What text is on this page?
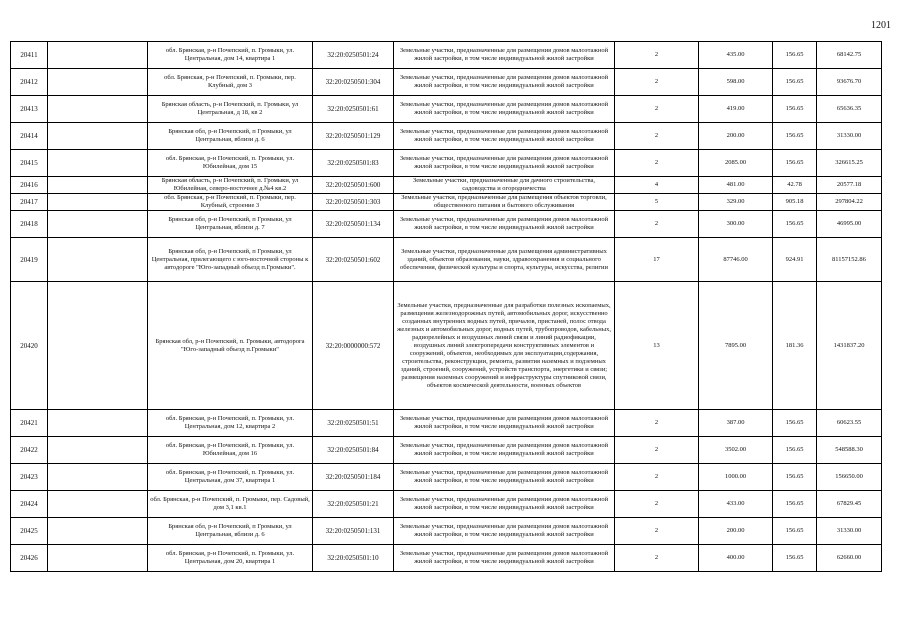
1201
20411		обл. Брянская, р-н Почепский, п. Громыки, ул. Центральная, дом 14, квартира 1	32:20:0250501:24	Земельные участки, предназначенные для размещения домов малоэтажной жилой застройки, в том числе индивидуальной жилой застройки	2	435.00	156.65	68142.75
20412		обл. Брянская, р-н Почепский, п. Громыки, пер. Клубный, дом 3	32:20:0250501:304	Земельные участки, предназначенные для размещения домов малоэтажной жилой застройки, в том числе индивидуальной жилой застройки	2	598.00	156.65	93676.70
20413		Брянская область, р-н Почепский, п. Громыки, ул Центральная, д 18, кв 2	32:20:0250501:61	Земельные участки, предназначенные для размещения домов малоэтажной жилой застройки, в том числе индивидуальной жилой застройки	2	419.00	156.65	65636.35
20414		Брянская обл, р-н Почепский, п Громыки, ул Центральная, вблизи д. 6	32:20:0250501:129	Земельные участки, предназначенные для размещения домов малоэтажной жилой застройки, в том числе индивидуальной жилой застройки	2	200.00	156.65	31330.00
20415		обл. Брянская, р-н Почепский, п. Громыки, ул. Юбилейная, дом 15	32:20:0250501:83	Земельные участки, предназначенные для размещения домов малоэтажной жилой застройки, в том числе индивидуальной жилой застройки	2	2085.00	156.65	326615.25
20416		Брянская область, р-н Почепский, п. Громыки, ул Юбилейная, северо-восточнее д.№4 кв.2	32:20:0250501:600	Земельные участки, предназначенные для дачного строительства, садоводства и огородничества	4	481.00	42.78	20577.18
20417		обл. Брянская, р-н Почепский, п. Громыки, пер. Клубный, строение 3	32:20:0250501:303	Земельные участки, предназначенные для размещения объектов торговли, общественного питания и бытового обслуживания	5	329.00	905.18	297804.22
20418		Брянская обл, р-н Почепский, п Громыки, ул Центральная, вблизи д. 7	32:20:0250501:134	Земельные участки, предназначенные для размещения домов малоэтажной жилой застройки, в том числе индивидуальной жилой застройки	2	300.00	156.65	46995.00
20419		Брянская обл, р-н Почепский, п Громыки, ул Центральная, прилегающего с юго-восточной стороны к автодороге "Юго-западный объезд п.Громыки".	32:20:0250501:602	Земельные участки, предназначенные для размещения административных зданий, объектов образования, науки, здравоохранения и социального обеспечения, физической культуры и спорта, культуры, искусства, религии	17	87746.00	924.91	81157152.86
20420		Брянская обл, р-н Почепский, п. Громыки, автодорога "Юго-западный объезд п.Громыки"	32:20:0000000:572	Земельные участки, предназначенные для разработки полезных ископаемых, размещения железнодорожных путей, автомобильных дорог, искусственно созданных внутренних водных путей, причалов, пристаней, полос отвода железных и автомобильных дорог, водных путей, трубопроводов, кабельных, радиорелейных и воздушных линий связи и линий радиофикации, воздушных линий электропередачи конструктивных элементов и сооружений, объектов, необходимых для эксплуатации,содержания, строительства, реконструкции, ремонта, развития наземных и подземных зданий, строений, сооружений, устройств транспорта, энергетики и связи; размещения наземных сооружений и инфраструктуры спутниковой связи, объектов космической деятельности, военных объектов	13	7895.00	181.36	1431837.20
20421		обл. Брянская, р-н Почепский, п. Громыки, ул. Центральная, дом 12, квартира 2	32:20:0250501:51	Земельные участки, предназначенные для размещения домов малоэтажной жилой застройки, в том числе индивидуальной жилой застройки	2	387.00	156.65	60623.55
20422		обл. Брянская, р-н Почепский, п. Громыки, ул. Юбилейная, дом 16	32:20:0250501:84	Земельные участки, предназначенные для размещения домов малоэтажной жилой застройки, в том числе индивидуальной жилой застройки	2	3502.00	156.65	548588.30
20423		обл. Брянская, р-н Почепский, п. Громыки, ул. Центральная, дом 37, квартира 1	32:20:0250501:184	Земельные участки, предназначенные для размещения домов малоэтажной жилой застройки, в том числе индивидуальной жилой застройки	2	1000.00	156.65	156650.00
20424		обл. Брянская, р-н Почепский, п. Громыки, пер. Садовый, дом 3,1 кв.1	32:20:0250501:21	Земельные участки, предназначенные для размещения домов малоэтажной жилой застройки, в том числе индивидуальной жилой застройки	2	433.00	156.65	67829.45
20425		Брянская обл, р-н Почепский, п Громыки, ул Центральная, вблизи д. 6	32:20:0250501:131	Земельные участки, предназначенные для размещения домов малоэтажной жилой застройки, в том числе индивидуальной жилой застройки	2	200.00	156.65	31330.00
20426		обл. Брянская, р-н Почепский, п. Громыки, ул. Центральная, дом 20, квартира 1	32:20:0250501:10	Земельные участки, предназначенные для размещения домов малоэтажной жилой застройки, в том числе индивидуальной жилой застройки	2	400.00	156.65	62660.00
